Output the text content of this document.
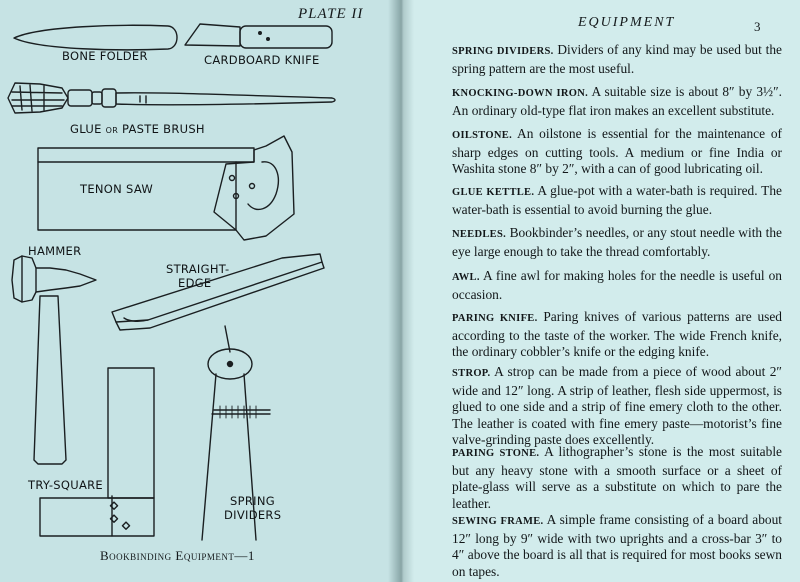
PLATE II
BONE FOLDER	CARDBOARD KNIFE
GLUE OR PASTE BRUSH
TENON SAW
HAMMER
STRAIGHT-
EDGE
TRY-SQUARE
SPRING
DIVIDERS
Bookbinding Equipment—1
EQUIPMENT	3
SPRING DIVIDERS. Dividers of any kind may be used but the spring pattern are the most useful.
KNOCKING-DOWN IRON. A suitable size is about 8″ by 3½″. An ordinary old-type flat iron makes an excellent substitute.
OILSTONE. An oilstone is essential for the maintenance of sharp edges on cutting tools. A medium or fine India or Washita stone 8″ by 2″, with a can of good lubricating oil.
GLUE KETTLE. A glue-pot with a water-bath is required. The water-bath is essential to avoid burning the glue.
NEEDLES. Bookbinder’s needles, or any stout needle with the eye large enough to take the thread comfortably.
AWL. A fine awl for making holes for the needle is useful on occasion.
PARING KNIFE. Paring knives of various patterns are used according to the taste of the worker. The wide French knife, the ordinary cobbler’s knife or the edging knife.
STROP. A strop can be made from a piece of wood about 2″ wide and 12″ long. A strip of leather, flesh side uppermost, is glued to one side and a strip of fine emery cloth to the other. The leather is coated with fine emery paste—motorist’s fine valve-grinding paste does excellently.
PARING STONE. A lithographer’s stone is the most suitable but any heavy stone with a smooth surface or a sheet of plate-glass will serve as a substitute on which to pare the leather.
SEWING FRAME. A simple frame consisting of a board about 12″ long by 9″ wide with two uprights and a cross-bar 3″ to 4″ above the board is all that is required for most books sewn on tapes.
